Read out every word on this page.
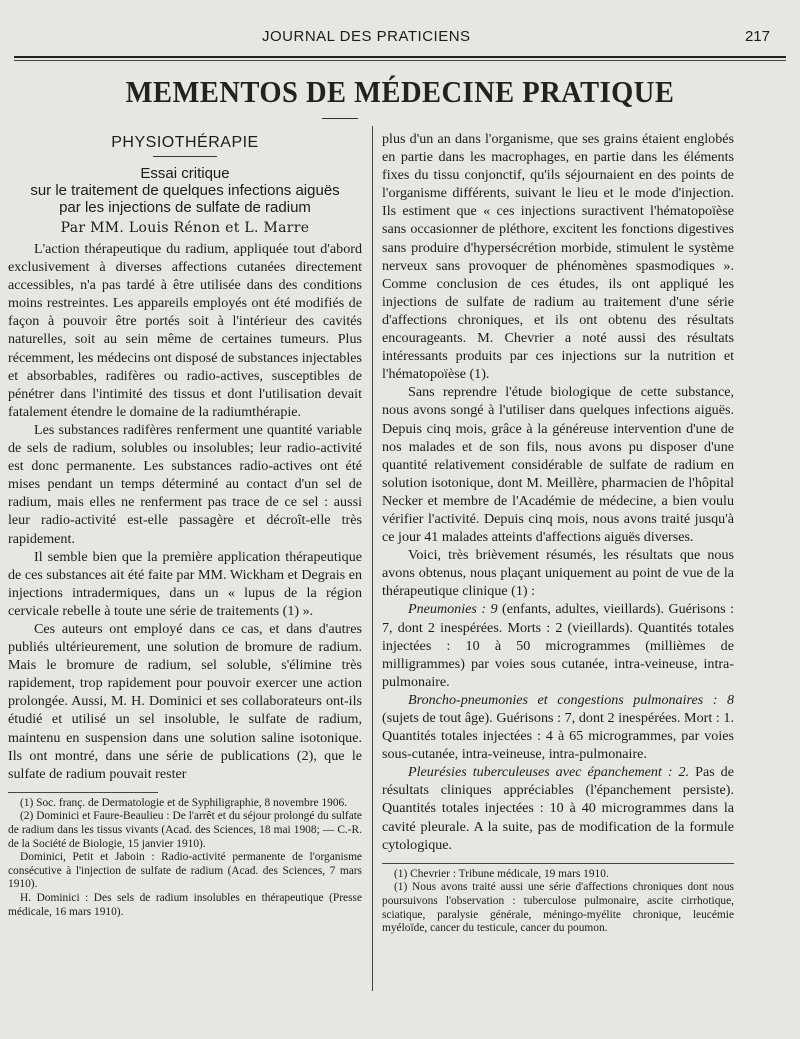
JOURNAL DES PRATICIENS	217
MEMENTOS DE MÉDECINE PRATIQUE
PHYSIOTHÉRAPIE

Essai critique

sur le traitement de quelques infections aiguës

par les injections de sulfate de radium

Par MM. Louis Rénon et L. Marre

L'action thérapeutique du radium, appliquée tout d'abord exclusivement à diverses affections cutanées directement accessibles, n'a pas tardé à être utilisée dans des conditions moins restreintes. Les appareils employés ont été modifiés de façon à pouvoir être portés soit à l'intérieur des cavités naturelles, soit au sein même de certaines tumeurs. Plus récemment, les médecins ont disposé de substances injectables et absorbables, radifères ou radio-actives, susceptibles de pénétrer dans l'intimité des tissus et dont l'utilisation devait fatalement étendre le domaine de la radiumthérapie.

Les substances radifères renferment une quantité variable de sels de radium, solubles ou insolubles; leur radio-activité est donc permanente. Les substances radio-actives ont été mises pendant un temps déterminé au contact d'un sel de radium, mais elles ne renferment pas trace de ce sel : aussi leur radio-activité est-elle passagère et décroît-elle très rapidement.

Il semble bien que la première application thérapeutique de ces substances ait été faite par MM. Wickham et Degrais en injections intradermiques, dans un « lupus de la région cervicale rebelle à toute une série de traitements (1) ».

Ces auteurs ont employé dans ce cas, et dans d'autres publiés ultérieurement, une solution de bromure de radium. Mais le bromure de radium, sel soluble, s'élimine très rapidement, trop rapidement pour pouvoir exercer une action prolongée. Aussi, M. H. Dominici et ses collaborateurs ont-ils étudié et utilisé un sel insoluble, le sulfate de radium, maintenu en suspension dans une solution saline isotonique. Ils ont montré, dans une série de publications (2), que le sulfate de radium pouvait rester

(1) Soc. franç. de Dermatologie et de Syphiligraphie, 8 novembre 1906.

(2) Dominici et Faure-Beaulieu : De l'arrêt et du séjour prolongé du sulfate de radium dans les tissus vivants (Acad. des Sciences, 18 mai 1908; — C.-R. de la Société de Biologie, 15 janvier 1910).

Dominici, Petit et Jaboin : Radio-activité permanente de l'organisme consécutive à l'injection de sulfate de radium (Acad. des Sciences, 7 mars 1910).

H. Dominici : Des sels de radium insolubles en thérapeutique (Presse médicale, 16 mars 1910).

plus d'un an dans l'organisme, que ses grains étaient englobés en partie dans les macrophages, en partie dans les éléments fixes du tissu conjonctif, qu'ils séjournaient en des points de l'organisme différents, suivant le lieu et le mode d'injection. Ils estiment que « ces injections suractivent l'hématopoïèse sans occasionner de pléthore, excitent les fonctions digestives sans produire d'hypersécrétion morbide, stimulent le système nerveux sans provoquer de phénomènes spasmodiques ». Comme conclusion de ces études, ils ont appliqué les injections de sulfate de radium au traitement d'une série d'affections chroniques, et ils ont obtenu des résultats encourageants. M. Chevrier a noté aussi des résultats intéressants produits par ces injections sur la nutrition et l'hématopoïèse (1).

Sans reprendre l'étude biologique de cette substance, nous avons songé à l'utiliser dans quelques infections aiguës. Depuis cinq mois, grâce à la généreuse intervention d'une de nos malades et de son fils, nous avons pu disposer d'une quantité relativement considérable de sulfate de radium en solution isotonique, dont M. Meillère, pharmacien de l'hôpital Necker et membre de l'Académie de médecine, a bien voulu vérifier l'activité. Depuis cinq mois, nous avons traité jusqu'à ce jour 41 malades atteints d'affections aiguës diverses.

Voici, très brièvement résumés, les résultats que nous avons obtenus, nous plaçant uniquement au point de vue de la thérapeutique clinique (1) :

Pneumonies : 9 (enfants, adultes, vieillards). Guérisons : 7, dont 2 inespérées. Morts : 2 (vieillards). Quantités totales injectées : 10 à 50 microgrammes (millièmes de milligrammes) par voies sous cutanée, intra-veineuse, intra-pulmonaire.

Broncho-pneumonies et congestions pulmonaires : 8 (sujets de tout âge). Guérisons : 7, dont 2 inespérées. Mort : 1. Quantités totales injectées : 4 à 65 microgrammes, par voies sous-cutanée, intra-veineuse, intra-pulmonaire.

Pleurésies tuberculeuses avec épanchement : 2. Pas de résultats cliniques appréciables (l'épanchement persiste). Quantités totales injectées : 10 à 40 microgrammes dans la cavité pleurale. A la suite, pas de modification de la formule cytologique.

(1) Chevrier : Tribune médicale, 19 mars 1910.

(1) Nous avons traité aussi une série d'affections chroniques dont nous poursuivons l'observation : tuberculose pulmonaire, ascite cirrhotique, sciatique, paralysie générale, méningo-myélite chronique, leucémie myéloïde, cancer du testicule, cancer du poumon.
